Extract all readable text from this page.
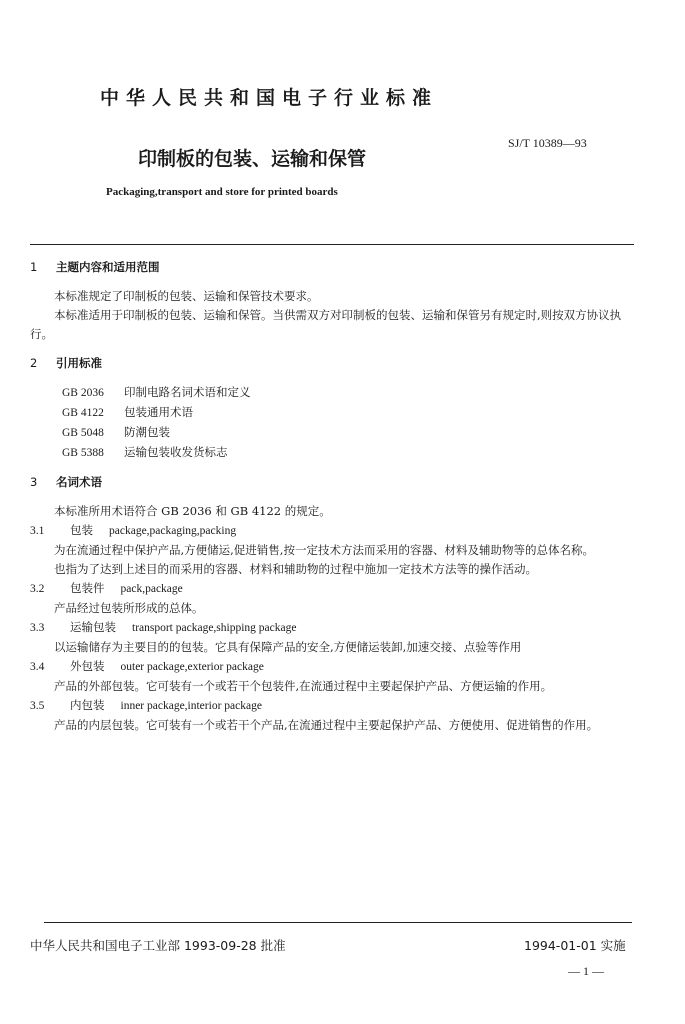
中华人民共和国电子行业标准
印制板的包装、运输和保管
SJ/T 10389—93
Packaging,transport and store for printed boards

1 主题内容和适用范围

本标准规定了印制板的包装、运输和保管技术要求。

本标准适用于印制板的包装、运输和保管。当供需双方对印制板的包装、运输和保管另有规定时,则按双方协议执行。

2 引用标准

GB 2036 印制电路名词术语和定义

GB 4122 包装通用术语

GB 5048 防潮包装

GB 5388 运输包装收发货标志

3 名词术语

本标准所用术语符合 GB 2036 和 GB 4122 的规定。

3.1 包装 package,packaging,packing

为在流通过程中保护产品,方便储运,促进销售,按一定技术方法而采用的容器、材料及辅助物等的总体名称。

也指为了达到上述目的而采用的容器、材料和辅助物的过程中施加一定技术方法等的操作活动。

3.2 包装件 pack,package

产品经过包装所形成的总体。

3.3 运输包装 transport package,shipping package

以运输储存为主要目的的包装。它具有保障产品的安全,方便储运装卸,加速交接、点验等作用

3.4 外包装 outer package,exterior package

产品的外部包装。它可装有一个或若干个包装件,在流通过程中主要起保护产品、方便运输的作用。

3.5 内包装 inner package,interior package

产品的内层包装。它可装有一个或若干个产品,在流通过程中主要起保护产品、方便使用、促进销售的作用。

中华人民共和国电子工业部 1993-09-28 批准	1994-01-01 实施
— 1 —
